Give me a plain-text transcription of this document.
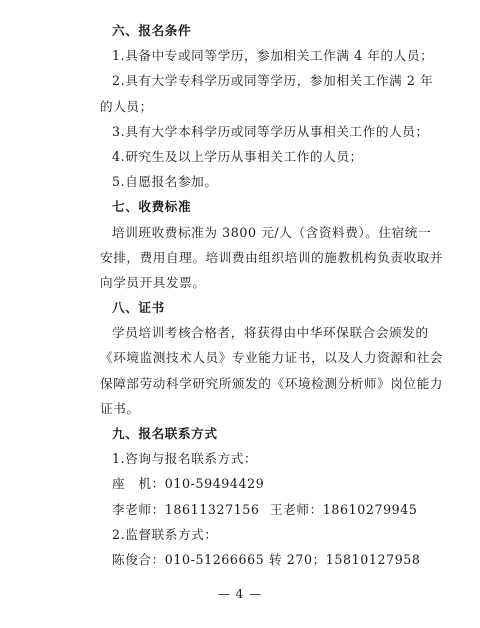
六、报名条件
1.具备中专或同等学历，参加相关工作满 4 年的人员；
2.具有大学专科学历或同等学历，参加相关工作满 2 年
的人员；
3.具有大学本科学历或同等学历从事相关工作的人员；
4.研究生及以上学历从事相关工作的人员；
5.自愿报名参加。
七、收费标准
培训班收费标准为 3800 元/人（含资料费）。住宿统一
安排，费用自理。培训费由组织培训的施教机构负责收取并
向学员开具发票。
八、证书
学员培训考核合格者，将获得由中华环保联合会颁发的
《环境监测技术人员》专业能力证书，以及人力资源和社会
保障部劳动科学研究所颁发的《环境检测分析师》岗位能力
证书。
九、报名联系方式
1.咨询与报名联系方式：
座　机：010-59494429
李老师：18611327156 王老师：18610279945
2.监督联系方式：
陈俊合：010-51266665 转 270；15810127958
— 4 —
